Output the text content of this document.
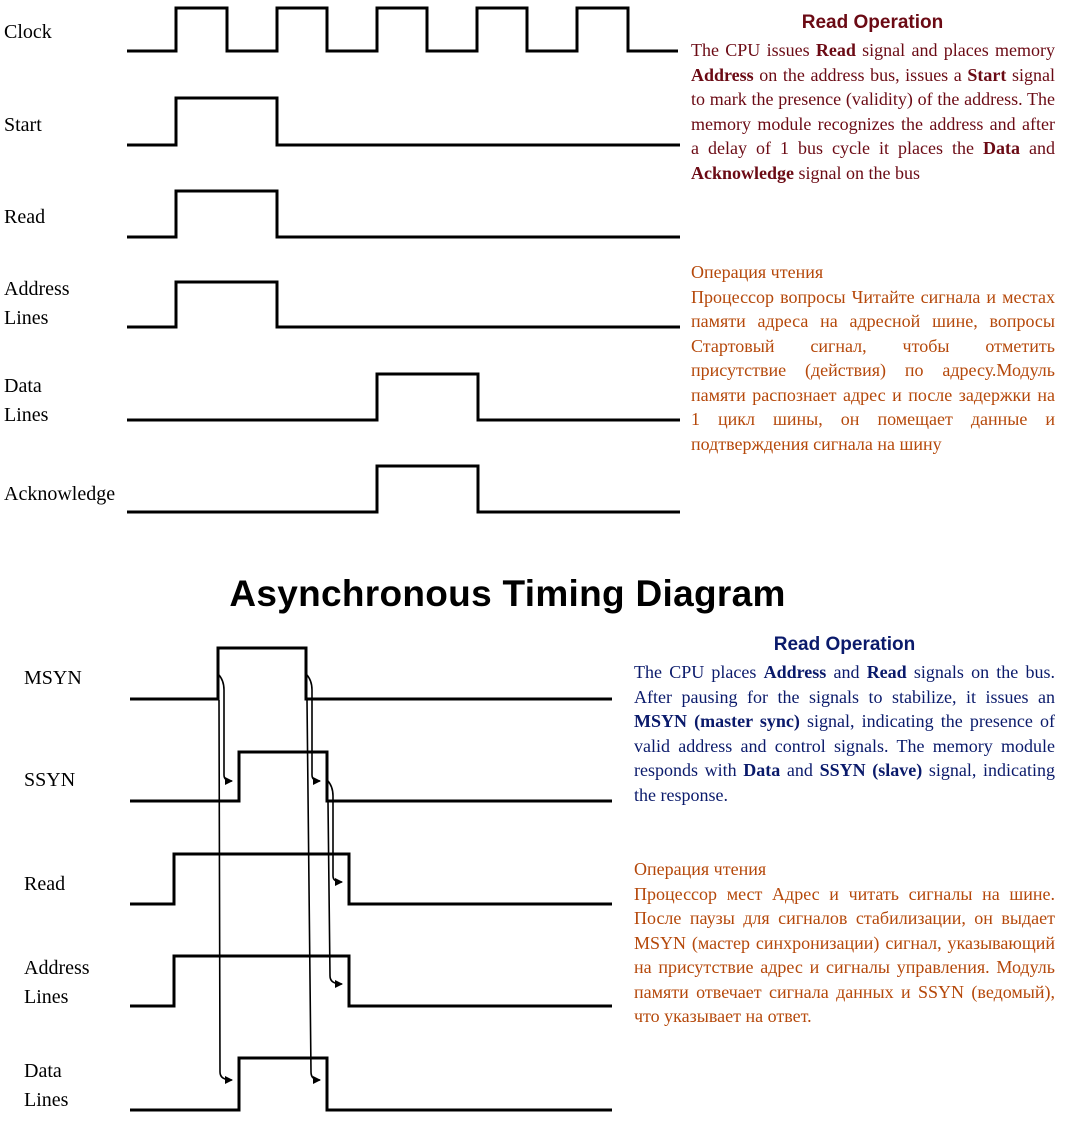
Clock
Start
Read
Address
Lines
Data
Lines
Acknowledge
MSYN
SSYN
Read
Address
Lines
Data
Lines
Asynchronous Timing Diagram
Read Operation
The CPU issues Read signal and places memory Address on the address bus, issues a Start signal to mark the presence (validity) of the address. The memory module recognizes the address and after a delay of 1 bus cycle it places the Data and Acknowledge signal on the bus
Операция чтения
Процессор вопросы Читайте сигнала и местах памяти адреса на адресной шине, вопросы Стартовый сигнал, чтобы отметить присутствие (действия) по адресу.Модуль памяти распознает адрес и после задержки на 1 цикл шины, он помещает данные и подтверждения сигнала на шину
Read Operation
The CPU places Address and Read signals on the bus. After pausing for the signals to stabilize, it issues an MSYN (master sync) signal, indicating the presence of valid address and control signals. The memory module responds with Data and SSYN (slave) signal, indicating the response.
Операция чтения
Процессор мест Адрес и читать сигналы на шине. После паузы для сигналов стабилизации, он выдает MSYN (мастер синхронизации) сигнал, указывающий на присутствие адрес и сигналы управления. Модуль памяти отвечает сигнала данных и SSYN (ведомый), что указывает на ответ.
